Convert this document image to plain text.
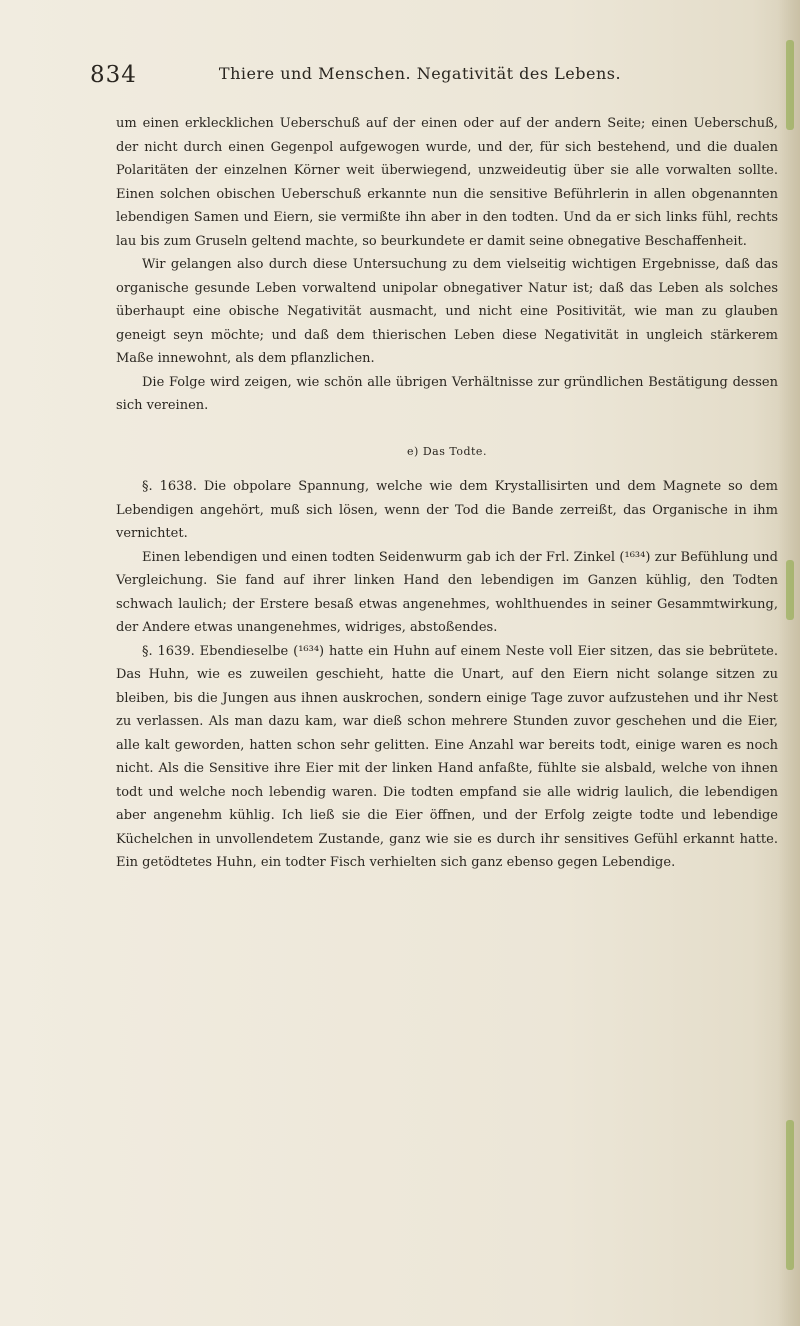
834	Thiere und Menschen. Negativität des Lebens.

um einen erklecklichen Ueberschuß auf der einen oder auf der andern Seite; einen Ueberschuß, der nicht durch einen Gegenpol aufgewogen wurde, und der, für sich bestehend, und die dualen Polaritäten der einzelnen Körner weit überwiegend, unzweideutig über sie alle vorwalten sollte. Einen solchen obischen Ueberschuß erkannte nun die sensitive Beführlerin in allen obgenannten lebendigen Samen und Eiern, sie vermißte ihn aber in den todten. Und da er sich links fühl, rechts lau bis zum Gruseln geltend machte, so beurkundete er damit seine obnegative Beschaffenheit.

Wir gelangen also durch diese Untersuchung zu dem vielseitig wichtigen Ergebnisse, daß das organische gesunde Leben vorwaltend unipolar obnegativer Natur ist; daß das Leben als solches überhaupt eine obische Negativität ausmacht, und nicht eine Positivität, wie man zu glauben geneigt seyn möchte; und daß dem thierischen Leben diese Negativität in ungleich stärkerem Maße innewohnt, als dem pflanzlichen.

Die Folge wird zeigen, wie schön alle übrigen Verhältnisse zur gründlichen Bestätigung dessen sich vereinen.

e) Das Todte.

§. 1638. Die obpolare Spannung, welche wie dem Krystallisirten und dem Magnete so dem Lebendigen angehört, muß sich lösen, wenn der Tod die Bande zerreißt, das Organische in ihm vernichtet.

Einen lebendigen und einen todten Seidenwurm gab ich der Frl. Zinkel (¹⁶³⁴) zur Befühlung und Vergleichung. Sie fand auf ihrer linken Hand den lebendigen im Ganzen kühlig, den Todten schwach laulich; der Erstere besaß etwas angenehmes, wohlthuendes in seiner Gesammtwirkung, der Andere etwas unangenehmes, widriges, abstoßendes.

§. 1639. Ebendieselbe (¹⁶³⁴) hatte ein Huhn auf einem Neste voll Eier sitzen, das sie bebrütete. Das Huhn, wie es zuweilen geschieht, hatte die Unart, auf den Eiern nicht solange sitzen zu bleiben, bis die Jungen aus ihnen auskrochen, sondern einige Tage zuvor aufzustehen und ihr Nest zu verlassen. Als man dazu kam, war dieß schon mehrere Stunden zuvor geschehen und die Eier, alle kalt geworden, hatten schon sehr gelitten. Eine Anzahl war bereits todt, einige waren es noch nicht. Als die Sensitive ihre Eier mit der linken Hand anfaßte, fühlte sie alsbald, welche von ihnen todt und welche noch lebendig waren. Die todten empfand sie alle widrig laulich, die lebendigen aber angenehm kühlig. Ich ließ sie die Eier öffnen, und der Erfolg zeigte todte und lebendige Küchelchen in unvollendetem Zustande, ganz wie sie es durch ihr sensitives Gefühl erkannt hatte. Ein getödtetes Huhn, ein todter Fisch verhielten sich ganz ebenso gegen Lebendige.
